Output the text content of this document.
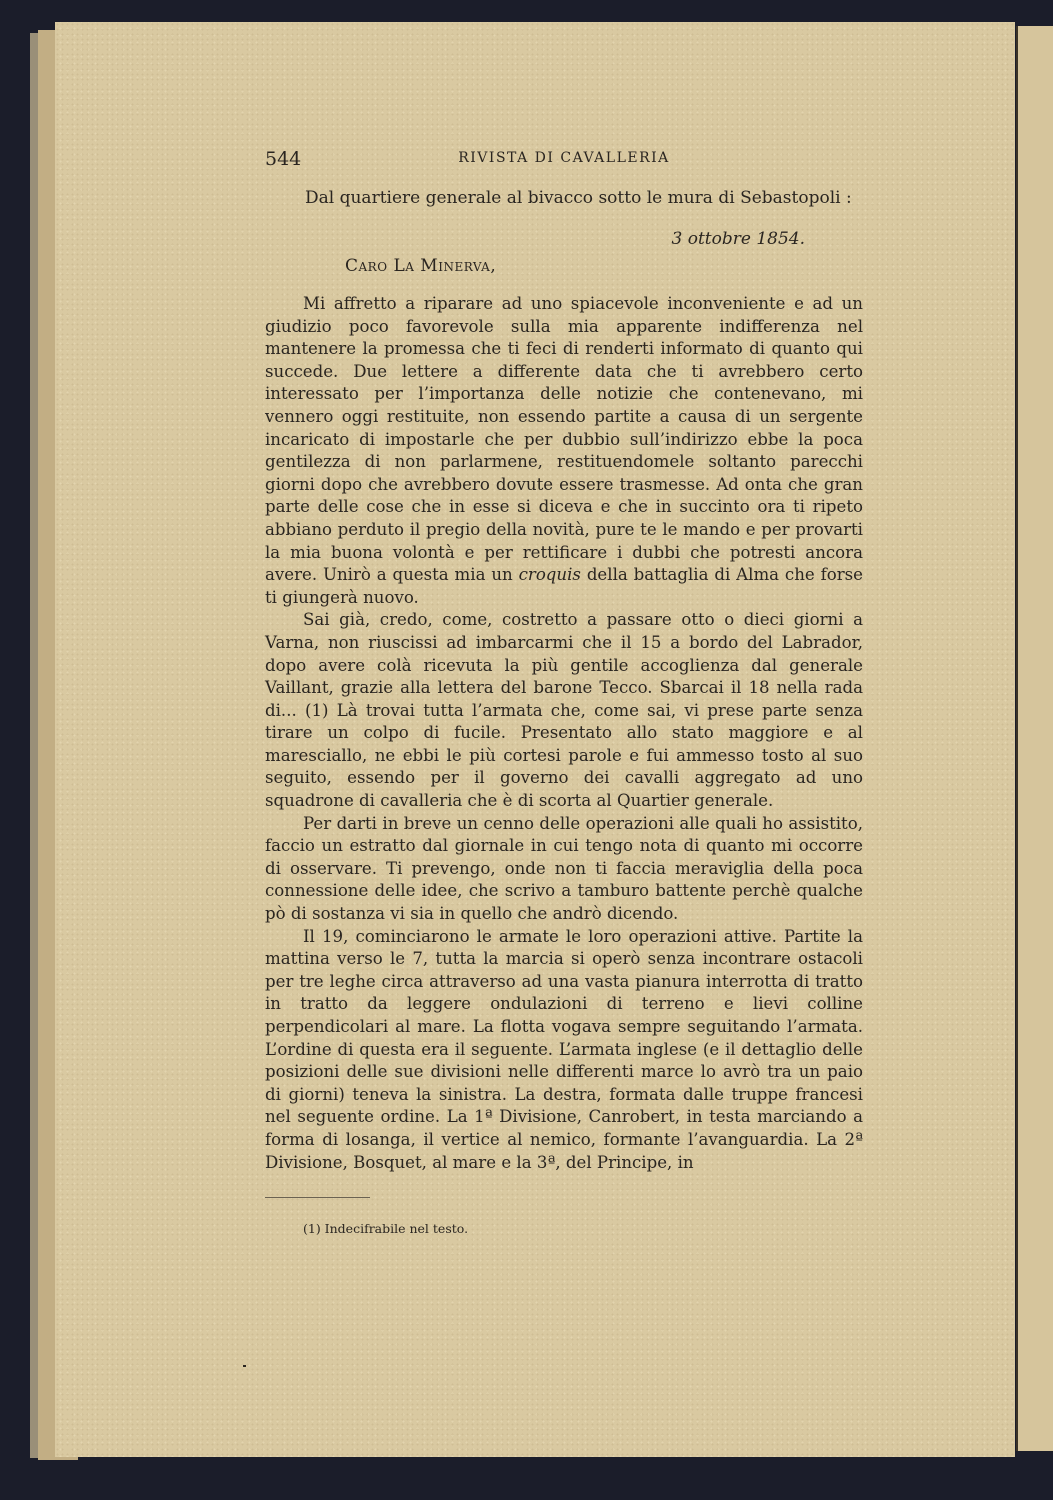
544	RIVISTA DI CAVALLERIA
Dal quartiere generale al bivacco sotto le mura di Sebastopoli :
3 ottobre 1854.
Caro La Minerva,

Mi affretto a riparare ad uno spiacevole inconveniente e ad un giudizio poco favorevole sulla mia apparente indifferenza nel mantenere la promessa che ti feci di renderti informato di quanto qui succede. Due lettere a differente data che ti avrebbero certo interessato per l’importanza delle notizie che contenevano, mi vennero oggi restituite, non essendo partite a causa di un sergente incaricato di impostarle che per dubbio sull’indirizzo ebbe la poca gentilezza di non parlarmene, restituendomele soltanto parecchi giorni dopo che avrebbero dovute essere trasmesse. Ad onta che gran parte delle cose che in esse si diceva e che in succinto ora ti ripeto abbiano perduto il pregio della novità, pure te le mando e per provarti la mia buona volontà e per rettificare i dubbi che potresti ancora avere. Unirò a questa mia un croquis della battaglia di Alma che forse ti giungerà nuovo.

Sai già, credo, come, costretto a passare otto o dieci giorni a Varna, non riuscissi ad imbarcarmi che il 15 a bordo del Labrador, dopo avere colà ricevuta la più gentile accoglienza dal generale Vaillant, grazie alla lettera del barone Tecco. Sbarcai il 18 nella rada di... (1) Là trovai tutta l’armata che, come sai, vi prese parte senza tirare un colpo di fucile. Presentato allo stato maggiore e al maresciallo, ne ebbi le più cortesi parole e fui ammesso tosto al suo seguito, essendo per il governo dei cavalli aggregato ad uno squadrone di cavalleria che è di scorta al Quartier generale.

Per darti in breve un cenno delle operazioni alle quali ho assistito, faccio un estratto dal giornale in cui tengo nota di quanto mi occorre di osservare. Ti prevengo, onde non ti faccia meraviglia della poca connessione delle idee, che scrivo a tamburo battente perchè qualche pò di sostanza vi sia in quello che andrò dicendo.

Il 19, cominciarono le armate le loro operazioni attive. Partite la mattina verso le 7, tutta la marcia si operò senza incontrare ostacoli per tre leghe circa attraverso ad una vasta pianura interrotta di tratto in tratto da leggere ondulazioni di terreno e lievi colline perpendicolari al mare. La flotta vogava sempre seguitando l’armata. L’ordine di questa era il seguente. L’armata inglese (e il dettaglio delle posizioni delle sue divisioni nelle differenti marce lo avrò tra un paio di giorni) teneva la sinistra. La destra, formata dalle truppe francesi nel seguente ordine. La 1ª Divisione, Canrobert, in testa marciando a forma di losanga, il vertice al nemico, formante l’avanguardia. La 2ª Divisione, Bosquet, al mare e la 3ª, del Principe, in

(1) Indecifrabile nel testo.
